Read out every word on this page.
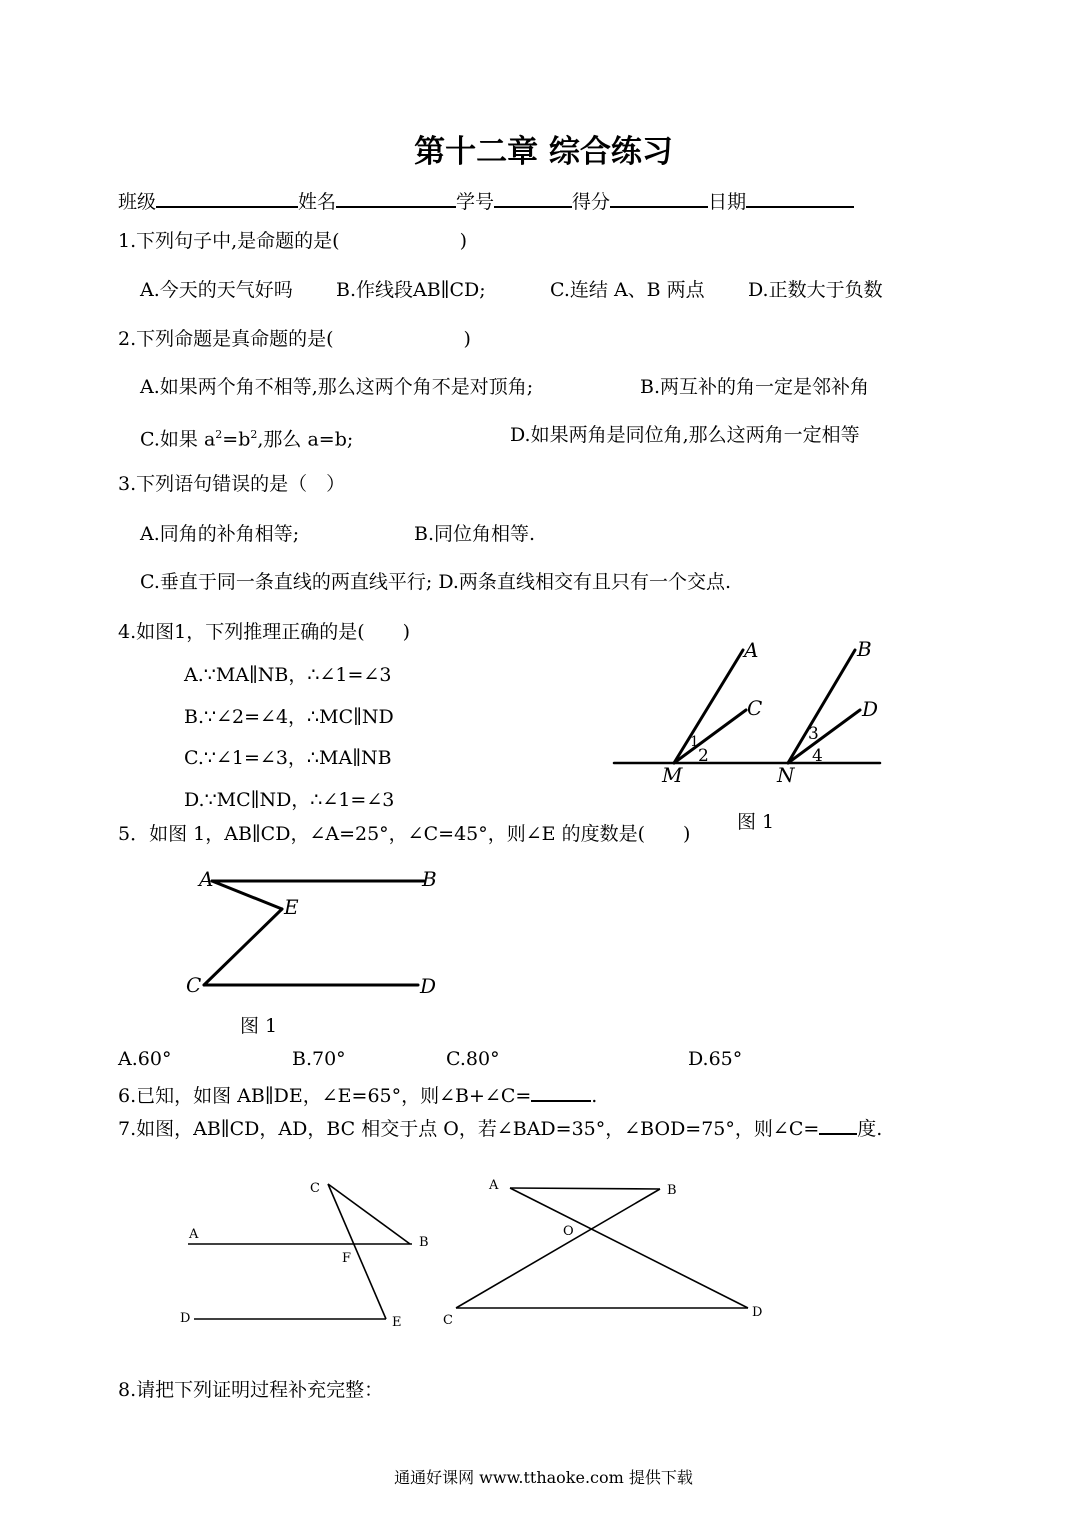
第十二章 综合练习
班级	姓名	学号	得分	日期
1.下列句子中,是命题的是(	)
A.今天的天气好吗 B.作线段AB∥CD;	C.连结 A、B 两点 D.正数大于负数
2.下列命题是真命题的是(	)
A.如果两个角不相等,那么这两个角不是对顶角;	B.两互补的角一定是邻补角
C.如果 $a^2=b^2$,那么 a=b;	D.如果两角是同位角,那么这两角一定相等
3.下列语句错误的是（　）
A.同角的补角相等;	B.同位角相等.
C.垂直于同一条直线的两直线平行; D.两条直线相交有且只有一个交点.
4.如图1，下列推理正确的是(　　)
A.∵MA∥NB，∴∠1=∠3
B.∵∠2=∠4，∴MC∥ND
C.∵∠1=∠3，∴MA∥NB
D.∵MC∥ND，∴∠1=∠3
A	B
C	D
M	N
1
2
3
4
图 1
5．如图 1，AB∥CD，∠A=25°，∠C=45°，则∠E 的度数是(　　)
A	B
E
C	D
图 1
A.60°	B.70°	C.80°	D.65°
6.已知，如图 AB∥DE，∠E=65°，则∠B+∠C=	.
7.如图，AB∥CD，AD，BC 相交于点 O，若∠BAD=35°，∠BOD=75°，则∠C= 度.
A
B
C
D	E
F
A	B
O
C
D
8.请把下列证明过程补充完整：
通通好课网 www.tthaoke.com 提供下载
